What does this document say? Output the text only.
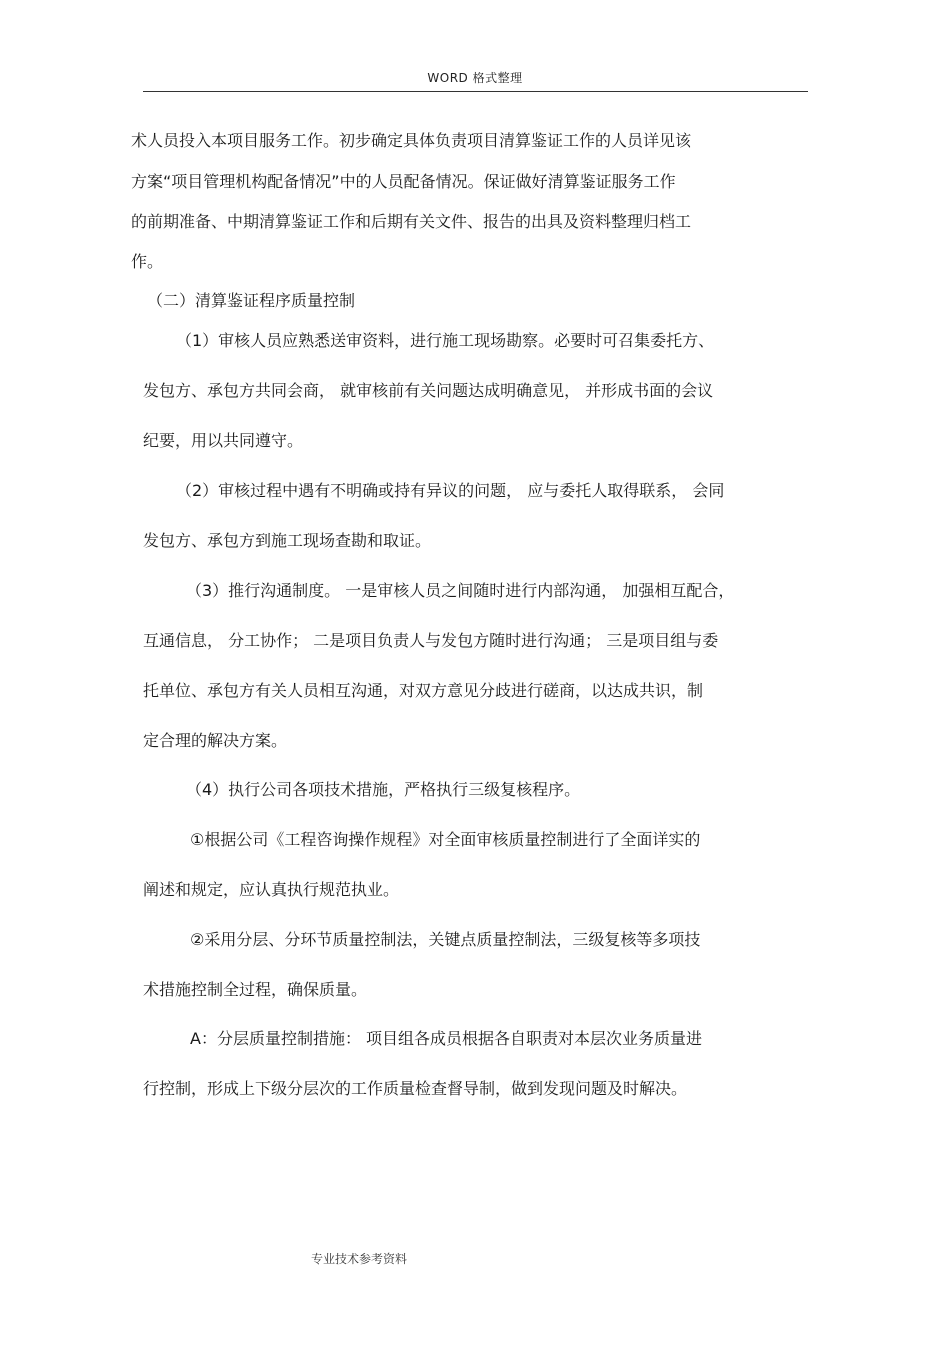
WORD 格式整理
术人员投入本项目服务工作。初步确定具体负责项目清算鉴证工作的人员详见该
方案“项目管理机构配备情况”中的人员配备情况。保证做好清算鉴证服务工作
的前期准备、中期清算鉴证工作和后期有关文件、报告的出具及资料整理归档工
作。
（二）清算鉴证程序质量控制
（1）审核人员应熟悉送审资料，进行施工现场勘察。必要时可召集委托方、
发包方、承包方共同会商， 就审核前有关问题达成明确意见， 并形成书面的会议
纪要，用以共同遵守。
（2）审核过程中遇有不明确或持有异议的问题， 应与委托人取得联系， 会同
发包方、承包方到施工现场查勘和取证。
（3）推行沟通制度。 一是审核人员之间随时进行内部沟通， 加强相互配合，
互通信息， 分工协作； 二是项目负责人与发包方随时进行沟通； 三是项目组与委
托单位、承包方有关人员相互沟通，对双方意见分歧进行磋商，以达成共识，制
定合理的解决方案。
（4）执行公司各项技术措施，严格执行三级复核程序。
①根据公司《工程咨询操作规程》对全面审核质量控制进行了全面详实的
阐述和规定，应认真执行规范执业。
②采用分层、分环节质量控制法，关键点质量控制法，三级复核等多项技
术措施控制全过程，确保质量。
A：分层质量控制措施： 项目组各成员根据各自职责对本层次业务质量进
行控制，形成上下级分层次的工作质量检查督导制，做到发现问题及时解决。
专业技术参考资料
